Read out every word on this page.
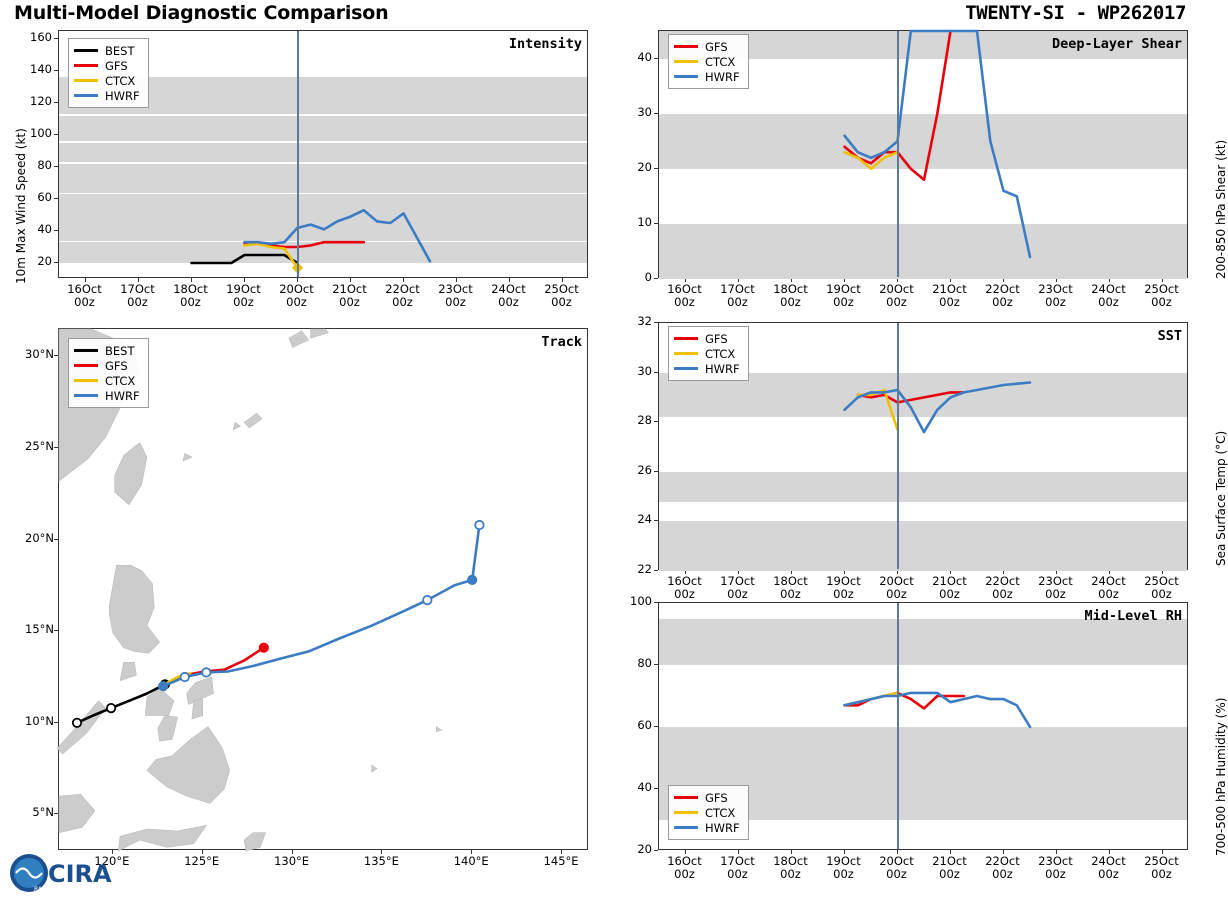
Multi-Model Diagnostic Comparison	TWENTY-SI - WP262017
10m Max Wind Speed (kt) 20
40
60
80
100
120
140
160
16Oct
00z
17Oct
00z
18Oct
00z
19Oct
00z
20Oct
00z
21Oct
00z
22Oct
00z
23Oct
00z
24Oct
00z
25Oct
00z
Intensity
BEST
GFS
CTCX
HWRF
5°N
10°N
15°N
20°N
25°N
30°N
120°E	125°E	130°E	135°E	140°E	145°E
Track
BEST
GFS
CTCX
HWRF
200-850 hPa Shear (kt)
0
10
20
30
40
16Oct
00z
17Oct
00z
18Oct
00z
19Oct
00z
20Oct
00z
21Oct
00z
22Oct
00z
23Oct
00z
24Oct
00z
25Oct
00z
Deep-Layer Shear
GFS
CTCX
HWRF
Sea Surface Temp (°C)
22
24
26
28
30
32
16Oct
00z
17Oct
00z
18Oct
00z
19Oct
00z
20Oct
00z
21Oct
00z
22Oct
00z
23Oct
00z
24Oct
00z
25Oct
00z
SST
GFS
CTCX
HWRF
700-500 hPa Humidity (%)
20
40
60
80
100
16Oct
00z
17Oct
00z
18Oct
00z
19Oct
00z
20Oct
00z
21Oct
00z
22Oct
00z
23Oct
00z
24Oct
00z
25Oct
00z
Mid-Level RH
GFS
CTCX
HWRF
CIRA
RAMMB
